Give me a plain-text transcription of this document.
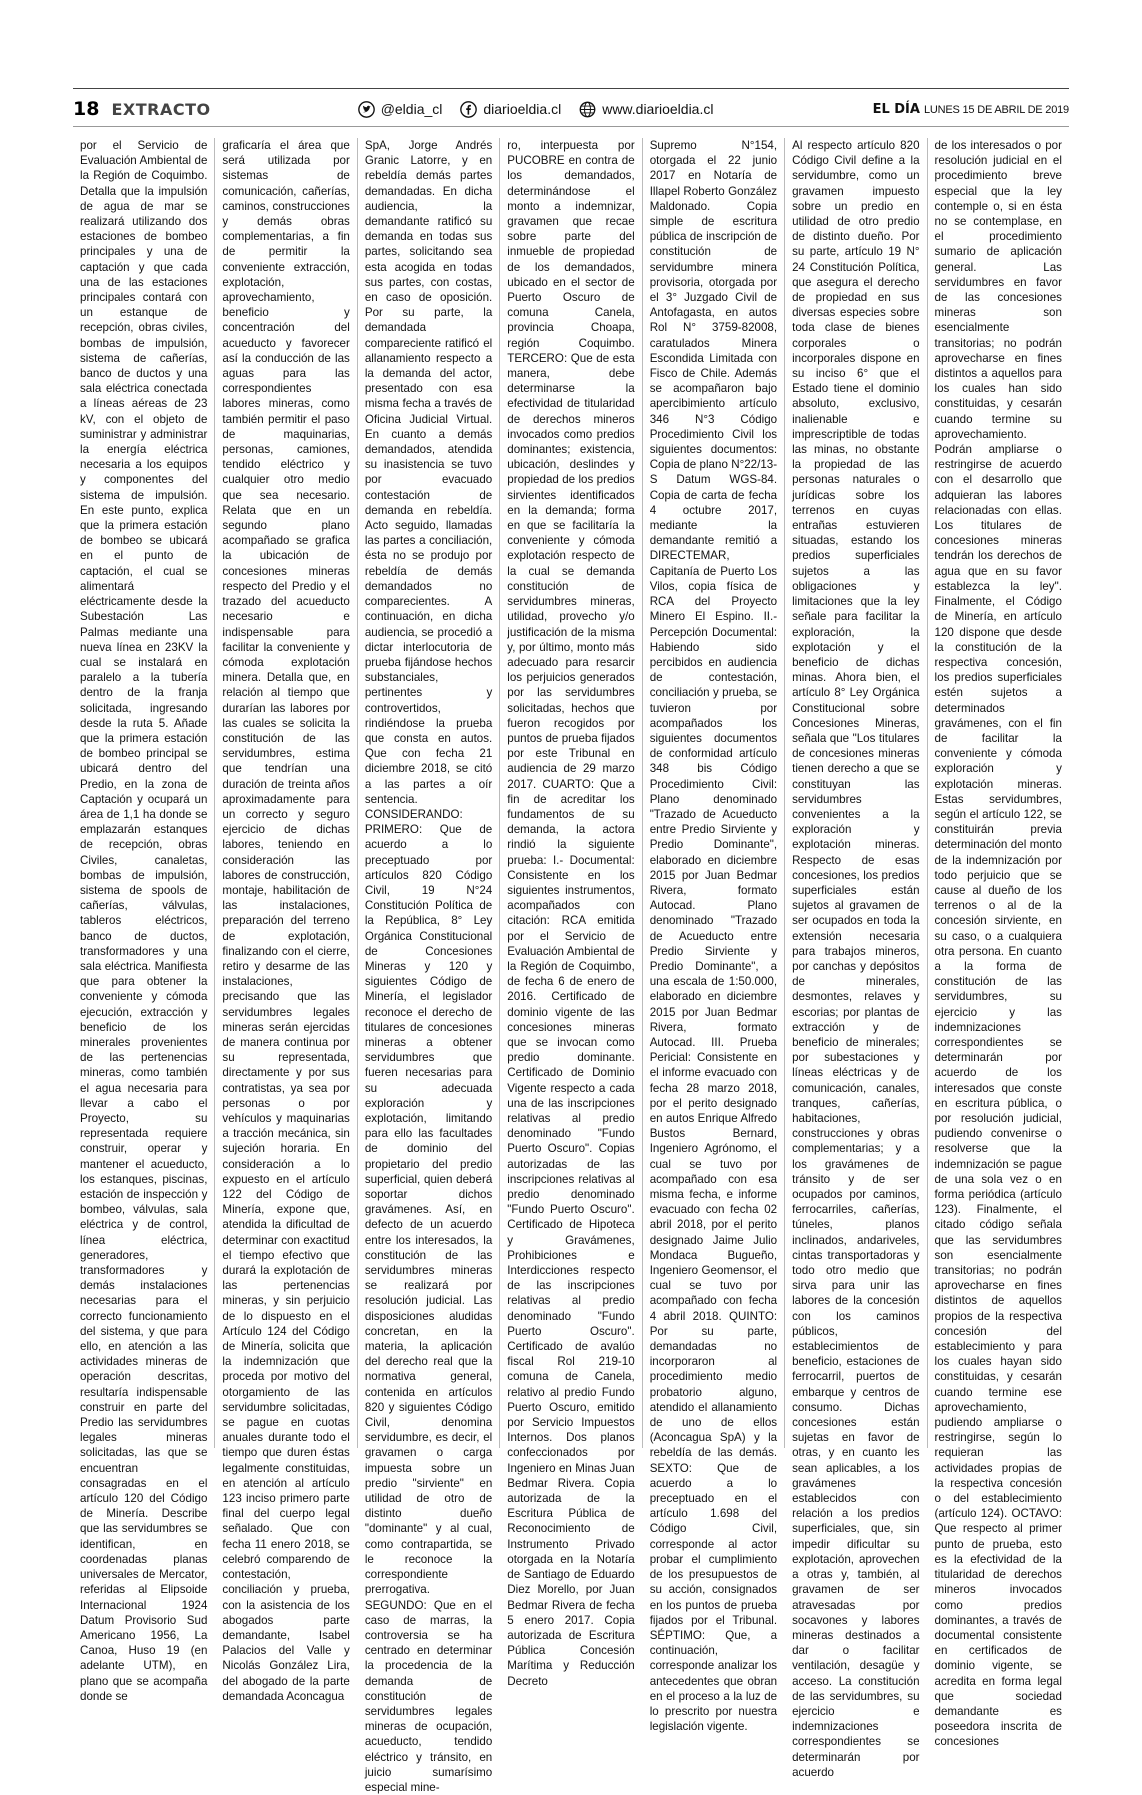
18 EXTRACTO	@eldia_cl	diarioeldia.cl	www.diarioeldia.cl	EL DÍA LUNES 15 DE ABRIL DE 2019
por el Servicio de Evaluación Ambiental de la Región de Coquimbo. Detalla que la impulsión de agua de mar se realizará utilizando dos estaciones de bombeo principales y una de captación y que cada una de las estaciones principales contará con un estanque de recepción, obras civiles, bombas de impulsión, sistema de cañerías, banco de ductos y una sala eléctrica conectada a líneas aéreas de 23 kV, con el objeto de suministrar y administrar la energía eléctrica necesaria a los equipos y componentes del sistema de impulsión. En este punto, explica que la primera estación de bombeo se ubicará en el punto de captación, el cual se alimentará eléctricamente desde la Subestación Las Palmas mediante una nueva línea en 23KV la cual se instalará en paralelo a la tubería dentro de la franja solicitada, ingresando desde la ruta 5. Añade que la primera estación de bombeo principal se ubicará dentro del Predio, en la zona de Captación y ocupará un área de 1,1 ha donde se emplazarán estanques de recepción, obras Civiles, canaletas, bombas de impulsión, sistema de spools de cañerías, válvulas, tableros eléctricos, banco de ductos, transformadores y una sala eléctrica. Manifiesta que para obtener la conveniente y cómoda ejecución, extracción y beneficio de los minerales provenientes de las pertenencias mineras, como también el agua necesaria para llevar a cabo el Proyecto, su representada requiere construir, operar y mantener el acueducto, los estanques, piscinas, estación de inspección y bombeo, válvulas, sala eléctrica y de control, línea eléctrica, generadores, transformadores y demás instalaciones necesarias para el correcto funcionamiento del sistema, y que para ello, en atención a las actividades mineras de operación descritas, resultaría indispensable construir en parte del Predio las servidumbres legales mineras solicitadas, las que se encuentran consagradas en el artículo 120 del Código de Minería. Describe que las servidumbres se identifican, en coordenadas planas universales de Mercator, referidas al Elipsoide Internacional 1924 Datum Provisorio Sud Americano 1956, La Canoa, Huso 19 (en adelante UTM), en plano que se acompaña donde se
graficaría el área que será utilizada por sistemas de comunicación, cañerías, caminos, construcciones y demás obras complementarias, a fin de permitir la conveniente extracción, explotación, aprovechamiento, beneficio y concentración del acueducto y favorecer así la conducción de las aguas para las correspondientes labores mineras, como también permitir el paso de maquinarias, personas, camiones, tendido eléctrico y cualquier otro medio que sea necesario. Relata que en un segundo plano acompañado se grafica la ubicación de concesiones mineras respecto del Predio y el trazado del acueducto necesario e indispensable para facilitar la conveniente y cómoda explotación minera. Detalla que, en relación al tiempo que durarían las labores por las cuales se solicita la constitución de las servidumbres, estima que tendrían una duración de treinta años aproximadamente para un correcto y seguro ejercicio de dichas labores, teniendo en consideración las labores de construcción, montaje, habilitación de las instalaciones, preparación del terreno de explotación, finalizando con el cierre, retiro y desarme de las instalaciones, precisando que las servidumbres legales mineras serán ejercidas de manera continua por su representada, directamente y por sus contratistas, ya sea por personas o por vehículos y maquinarias a tracción mecánica, sin sujeción horaria. En consideración a lo expuesto en el artículo 122 del Código de Minería, expone que, atendida la dificultad de determinar con exactitud el tiempo efectivo que durará la explotación de las pertenencias mineras, y sin perjuicio de lo dispuesto en el Artículo 124 del Código de Minería, solicita que la indemnización que proceda por motivo del otorgamiento de las servidumbre solicitadas, se pague en cuotas anuales durante todo el tiempo que duren éstas legalmente constituidas, en atención al artículo 123 inciso primero parte final del cuerpo legal señalado. Que con fecha 11 enero 2018, se celebró comparendo de contestación, conciliación y prueba, con la asistencia de los abogados parte demandante, Isabel Palacios del Valle y Nicolás González Lira, del abogado de la parte demandada Aconcagua
SpA, Jorge Andrés Granic Latorre, y en rebeldía demás partes demandadas. En dicha audiencia, la demandante ratificó su demanda en todas sus partes, solicitando sea esta acogida en todas sus partes, con costas, en caso de oposición. Por su parte, la demandada compareciente ratificó el allanamiento respecto a la demanda del actor, presentado con esa misma fecha a través de Oficina Judicial Virtual. En cuanto a demás demandados, atendida su inasistencia se tuvo por evacuado contestación de demanda en rebeldía. Acto seguido, llamadas las partes a conciliación, ésta no se produjo por rebeldía de demás demandados no comparecientes. A continuación, en dicha audiencia, se procedió a dictar interlocutoria de prueba fijándose hechos substanciales, pertinentes y controvertidos, rindiéndose la prueba que consta en autos. Que con fecha 21 diciembre 2018, se citó a las partes a oír sentencia. CONSIDERANDO: PRIMERO: Que de acuerdo a lo preceptuado por artículos 820 Código Civil, 19 N°24 Constitución Política de la República, 8° Ley Orgánica Constitucional de Concesiones Mineras y 120 y siguientes Código de Minería, el legislador reconoce el derecho de titulares de concesiones mineras a obtener servidumbres que fueren necesarias para su adecuada exploración y explotación, limitando para ello las facultades de dominio del propietario del predio superficial, quien deberá soportar dichos gravámenes. Así, en defecto de un acuerdo entre los interesados, la constitución de las servidumbres mineras se realizará por resolución judicial. Las disposiciones aludidas concretan, en la materia, la aplicación del derecho real que la normativa general, contenida en artículos 820 y siguientes Código Civil, denomina servidumbre, es decir, el gravamen o carga impuesta sobre un predio "sirviente" en utilidad de otro de distinto dueño "dominante" y al cual, como contrapartida, se le reconoce la correspondiente prerrogativa. SEGUNDO: Que en el caso de marras, la controversia se ha centrado en determinar la procedencia de la demanda de constitución de servidumbres legales mineras de ocupación, acueducto, tendido eléctrico y tránsito, en juicio sumarísimo especial mine-
ro, interpuesta por PUCOBRE en contra de los demandados, determinándose el monto a indemnizar, gravamen que recae sobre parte del inmueble de propiedad de los demandados, ubicado en el sector de Puerto Oscuro de comuna Canela, provincia Choapa, región Coquimbo. TERCERO: Que de esta manera, debe determinarse la efectividad de titularidad de derechos mineros invocados como predios dominantes; existencia, ubicación, deslindes y propiedad de los predios sirvientes identificados en la demanda; forma en que se facilitaría la conveniente y cómoda explotación respecto de la cual se demanda constitución de servidumbres mineras, utilidad, provecho y/o justificación de la misma y, por último, monto más adecuado para resarcir los perjuicios generados por las servidumbres solicitadas, hechos que fueron recogidos por puntos de prueba fijados por este Tribunal en audiencia de 29 marzo 2017. CUARTO: Que a fin de acreditar los fundamentos de su demanda, la actora rindió la siguiente prueba: I.- Documental: Consistente en los siguientes instrumentos, acompañados con citación: RCA emitida por el Servicio de Evaluación Ambiental de la Región de Coquimbo, de fecha 6 de enero de 2016. Certificado de dominio vigente de las concesiones mineras que se invocan como predio dominante. Certificado de Dominio Vigente respecto a cada una de las inscripciones relativas al predio denominado "Fundo Puerto Oscuro". Copias autorizadas de las inscripciones relativas al predio denominado "Fundo Puerto Oscuro". Certificado de Hipoteca y Gravámenes, Prohibiciones e Interdicciones respecto de las inscripciones relativas al predio denominado "Fundo Puerto Oscuro". Certificado de avalúo fiscal Rol 219-10 comuna de Canela, relativo al predio Fundo Puerto Oscuro, emitido por Servicio Impuestos Internos. Dos planos confeccionados por Ingeniero en Minas Juan Bedmar Rivera. Copia autorizada de la Escritura Pública de Reconocimiento de Instrumento Privado otorgada en la Notaría de Santiago de Eduardo Diez Morello, por Juan Bedmar Rivera de fecha 5 enero 2017. Copia autorizada de Escritura Pública Concesión Marítima y Reducción Decreto
Supremo N°154, otorgada el 22 junio 2017 en Notaría de Illapel Roberto González Maldonado. Copia simple de escritura pública de inscripción de constitución de servidumbre minera provisoria, otorgada por el 3° Juzgado Civil de Antofagasta, en autos Rol N° 3759-82008, caratulados Minera Escondida Limitada con Fisco de Chile. Además se acompañaron bajo apercibimiento artículo 346 N°3 Código Procedimiento Civil los siguientes documentos: Copia de plano N°22/13-S Datum WGS-84. Copia de carta de fecha 4 octubre 2017, mediante la demandante remitió a DIRECTEMAR, Capitanía de Puerto Los Vilos, copia física de RCA del Proyecto Minero El Espino. II.- Percepción Documental: Habiendo sido percibidos en audiencia de contestación, conciliación y prueba, se tuvieron por acompañados los siguientes documentos de conformidad artículo 348 bis Código Procedimiento Civil: Plano denominado "Trazado de Acueducto entre Predio Sirviente y Predio Dominante", elaborado en diciembre 2015 por Juan Bedmar Rivera, formato Autocad. Plano denominado "Trazado de Acueducto entre Predio Sirviente y Predio Dominante", a una escala de 1:50.000, elaborado en diciembre 2015 por Juan Bedmar Rivera, formato Autocad. III. Prueba Pericial: Consistente en el informe evacuado con fecha 28 marzo 2018, por el perito designado en autos Enrique Alfredo Bustos Bernard, Ingeniero Agrónomo, el cual se tuvo por acompañado con esa misma fecha, e informe evacuado con fecha 02 abril 2018, por el perito designado Jaime Julio Mondaca Bugueño, Ingeniero Geomensor, el cual se tuvo por acompañado con fecha 4 abril 2018. QUINTO: Por su parte, demandadas no incorporaron al procedimiento medio probatorio alguno, atendido el allanamiento de uno de ellos (Aconcagua SpA) y la rebeldía de las demás. SEXTO: Que de acuerdo a lo preceptuado en el artículo 1.698 del Código Civil, corresponde al actor probar el cumplimiento de los presupuestos de su acción, consignados en los puntos de prueba fijados por el Tribunal. SÉPTIMO: Que, a continuación, corresponde analizar los antecedentes que obran en el proceso a la luz de lo prescrito por nuestra legislación vigente.
Al respecto artículo 820 Código Civil define a la servidumbre, como un gravamen impuesto sobre un predio en utilidad de otro predio de distinto dueño. Por su parte, artículo 19 N° 24 Constitución Política, que asegura el derecho de propiedad en sus diversas especies sobre toda clase de bienes corporales o incorporales dispone en su inciso 6° que el Estado tiene el dominio absoluto, exclusivo, inalienable e imprescriptible de todas las minas, no obstante la propiedad de las personas naturales o jurídicas sobre los terrenos en cuyas entrañas estuvieren situadas, estando los predios superficiales sujetos a las obligaciones y limitaciones que la ley señale para facilitar la exploración, la explotación y el beneficio de dichas minas. Ahora bien, el artículo 8° Ley Orgánica Constitucional sobre Concesiones Mineras, señala que "Los titulares de concesiones mineras tienen derecho a que se constituyan las servidumbres convenientes a la exploración y explotación mineras. Respecto de esas concesiones, los predios superficiales están sujetos al gravamen de ser ocupados en toda la extensión necesaria para trabajos mineros, por canchas y depósitos de minerales, desmontes, relaves y escorias; por plantas de extracción y de beneficio de minerales; por subestaciones y líneas eléctricas y de comunicación, canales, tranques, cañerías, habitaciones, construcciones y obras complementarias; y a los gravámenes de tránsito y de ser ocupados por caminos, ferrocarriles, cañerías, túneles, planos inclinados, andariveles, cintas transportadoras y todo otro medio que sirva para unir las labores de la concesión con los caminos públicos, establecimientos de beneficio, estaciones de ferrocarril, puertos de embarque y centros de consumo. Dichas concesiones están sujetas en favor de otras, y en cuanto les sean aplicables, a los gravámenes establecidos con relación a los predios superficiales, que, sin impedir dificultar su explotación, aprovechen a otras y, también, al gravamen de ser atravesadas por socavones y labores mineras destinados a dar o facilitar ventilación, desagüe y acceso. La constitución de las servidumbres, su ejercicio e indemnizaciones correspondientes se determinarán por acuerdo
de los interesados o por resolución judicial en el procedimiento breve especial que la ley contemple o, si en ésta no se contemplase, en el procedimiento sumario de aplicación general. Las servidumbres en favor de las concesiones mineras son esencialmente transitorias; no podrán aprovecharse en fines distintos a aquellos para los cuales han sido constituidas, y cesarán cuando termine su aprovechamiento. Podrán ampliarse o restringirse de acuerdo con el desarrollo que adquieran las labores relacionadas con ellas. Los titulares de concesiones mineras tendrán los derechos de agua que en su favor establezca la ley". Finalmente, el Código de Minería, en artículo 120 dispone que desde la constitución de la respectiva concesión, los predios superficiales estén sujetos a determinados gravámenes, con el fin de facilitar la conveniente y cómoda exploración y explotación mineras. Estas servidumbres, según el artículo 122, se constituirán previa determinación del monto de la indemnización por todo perjuicio que se cause al dueño de los terrenos o al de la concesión sirviente, en su caso, o a cualquiera otra persona. En cuanto a la forma de constitución de las servidumbres, su ejercicio y las indemnizaciones correspondientes se determinarán por acuerdo de los interesados que conste en escritura pública, o por resolución judicial, pudiendo convenirse o resolverse que la indemnización se pague de una sola vez o en forma periódica (artículo 123). Finalmente, el citado código señala que las servidumbres son esencialmente transitorias; no podrán aprovecharse en fines distintos de aquellos propios de la respectiva concesión del establecimiento y para los cuales hayan sido constituidas, y cesarán cuando termine ese aprovechamiento, pudiendo ampliarse o restringirse, según lo requieran las actividades propias de la respectiva concesión o del establecimiento (artículo 124). OCTAVO: Que respecto al primer punto de prueba, esto es la efectividad de la titularidad de derechos mineros invocados como predios dominantes, a través de documental consistente en certificados de dominio vigente, se acredita en forma legal que sociedad demandante es poseedora inscrita de concesiones
